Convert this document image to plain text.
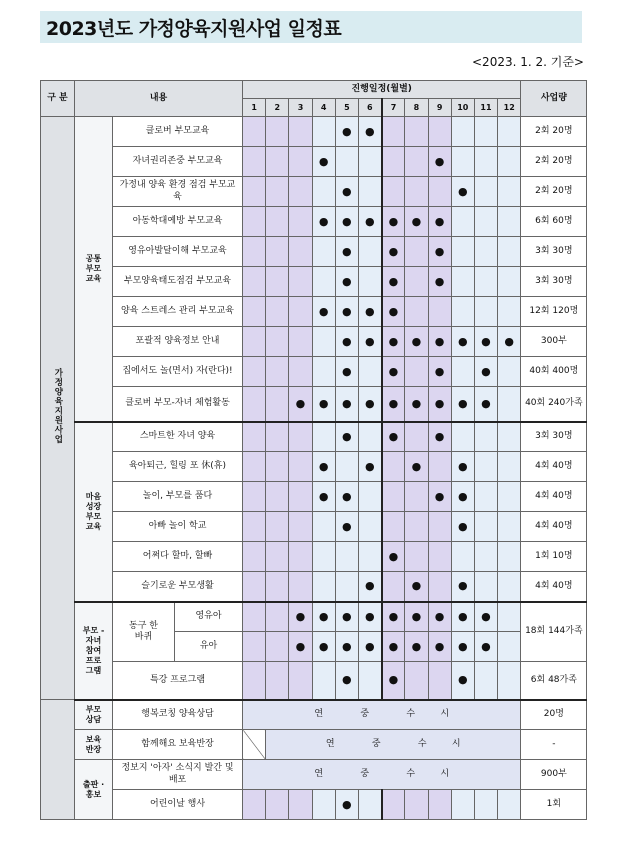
2023년도 가정양육지원사업 일정표
<2023. 1. 2. 기준>
구 분	내용			진행일정(월별)												사업량
				1	2	3	4	5	6	7	8	9	10	11	12	
가정양육지원사업	공통 부모 교육	클로버 부모교육						●	●							2회 20명
		자녀권리존중 부모교육					●					●				2회 20명
		가정내 양육 환경 점검 부모교육						●					●			2회 20명
		아동학대예방 부모교육					●	●	●	●	●	●				6회 60명
		영유아발달이해 부모교육						●		●		●				3회 30명
		부모양육태도점검 부모교육						●		●		●				3회 30명
		양육 스트레스 관리 부모교육					●	●	●	●						12회 120명
		포괄적 양육정보 안내						●	●	●	●	●	●	●	●	300부
		집에서도 놀(면서) 자(란다)!						●		●		●		●		40회 400명
		클로버 부모-자녀 체험활동				●	●	●	●	●	●	●	●	●		40회 240가족
	마음 성장 부모 교육	스마트한 자녀 양육						●		●		●				3회 30명
		육아퇴근, 힐링 포 休(휴)					●		●		●		●			4회 40명
		놀이, 부모를 품다					●	●				●	●			4회 40명
		아빠 놀이 학교						●					●			4회 40명
		어쩌다 할마, 할빠								●						1회 10명
		슬기로운 부모생활							●		●		●			4회 40명
	부모 - 자녀 참여 프로 그램	동구 한바퀴	영유아			●	●	●	●	●	●	●	●	●		18회 144가족
			유아			●	●	●	●	●	●	●	●	●		
		특강 프로그램						●		●			●			6회 48가족
	부모 상담	행복코칭 양육상담		연 중 수 시												20명
	보육 반장	함께해요 보육반장			연 중 수 시											-
	출판 · 홍보	정보지 '아자' 소식지 발간 및 배포		연 중 수 시												900부
		어린이날 행사						●								1회
